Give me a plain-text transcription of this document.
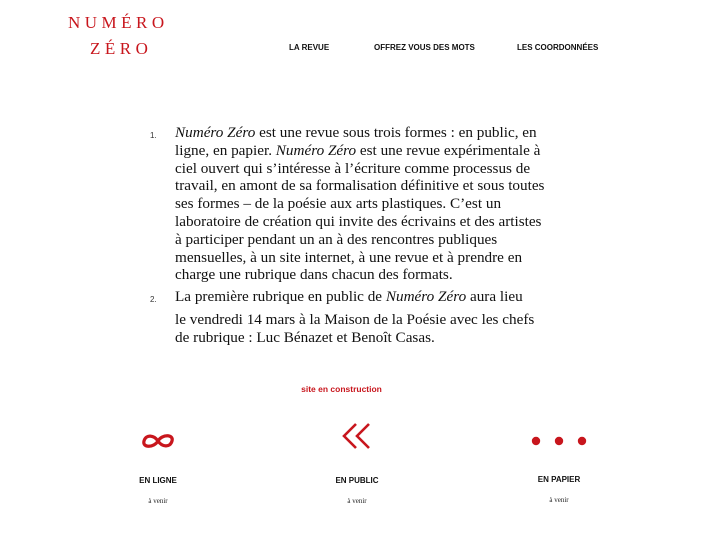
NUMÉRO
ZÉRO	LA REVUE	OFFREZ VOUS DES MOTS	LES COORDONNÉES
1. Numéro Zéro est une revue sous trois formes : en public, en ligne, en papier. Numéro Zéro est une revue expérimentale à ciel ouvert qui s’intéresse à l’écriture comme processus de travail, en amont de sa formalisation définitive et sous toutes ses formes – de la poésie aux arts plastiques. C’est un laboratoire de création qui invite des écrivains et des artistes à participer pendant un an à des rencontres publiques mensuelles, à un site internet, à une revue et à prendre en charge une rubrique dans chacun des formats.
2. La première rubrique en public de Numéro Zéro aura lieu
le vendredi 14 mars à la Maison de la Poésie avec les chefs de rubrique : Luc Bénazet et Benoît Casas.
site en construction
EN LIGNE
à venir
EN PUBLIC
à venir
EN PAPIER
à venir
